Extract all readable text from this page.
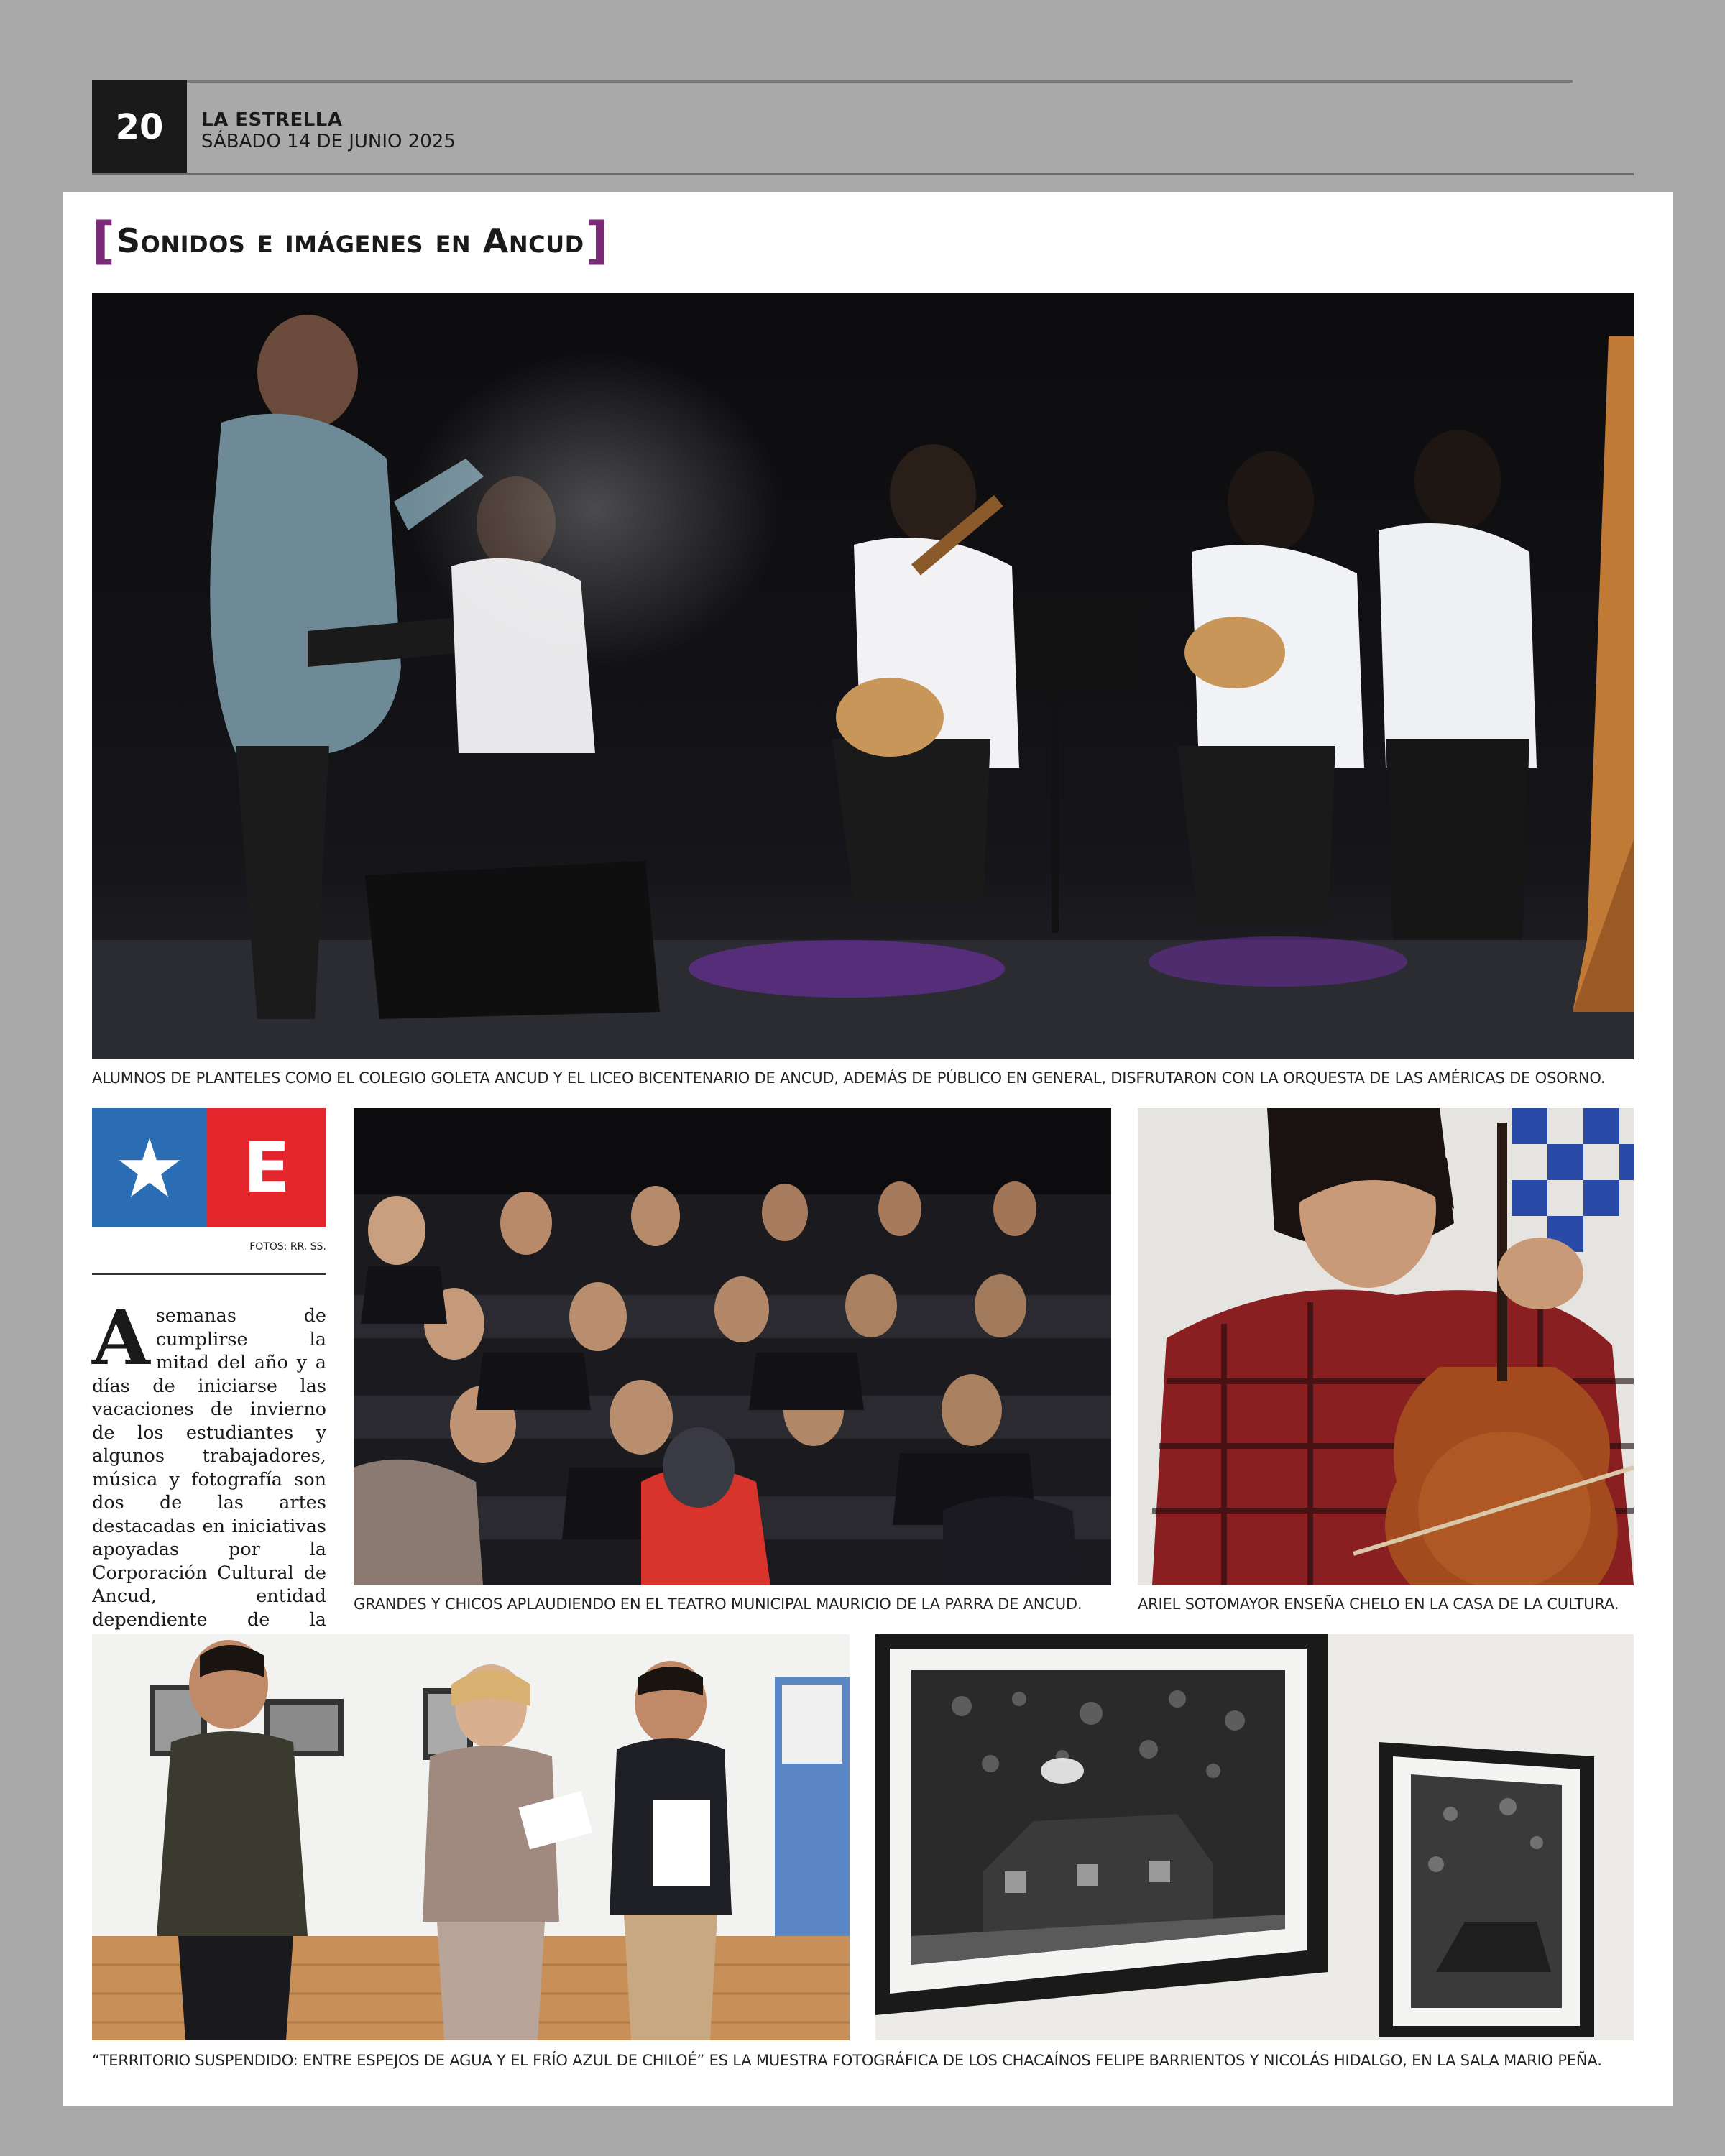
20	LA ESTRELLA
SÁBADO 14 DE JUNIO 2025
[ Sonidos e imágenes en Ancud ]
ALUMNOS DE PLANTELES COMO EL COLEGIO GOLETA ANCUD Y EL LICEO BICENTENARIO DE ANCUD, ADEMÁS DE PÚBLICO EN GENERAL, DISFRUTARON CON LA ORQUESTA DE LAS AMÉRICAS DE OSORNO.
E
FOTOS: RR. SS.
A semanas de cumplirse la mitad del año y a días de iniciarse las vacaciones de invierno de los estudiantes y algunos trabajadores, música y fotografía son dos de las artes destacadas en iniciativas apoyadas por la Corporación Cultural de Ancud, entidad dependiente de la
GRANDES Y CHICOS APLAUDIENDO EN EL TEATRO MUNICIPAL MAURICIO DE LA PARRA DE ANCUD.	ARIEL SOTOMAYOR ENSEÑA CHELO EN LA CASA DE LA CULTURA.
“TERRITORIO SUSPENDIDO: ENTRE ESPEJOS DE AGUA Y EL FRÍO AZUL DE CHILOÉ” ES LA MUESTRA FOTOGRÁFICA DE LOS CHACAÍNOS FELIPE BARRIENTOS Y NICOLÁS HIDALGO, EN LA SALA MARIO PEÑA.
